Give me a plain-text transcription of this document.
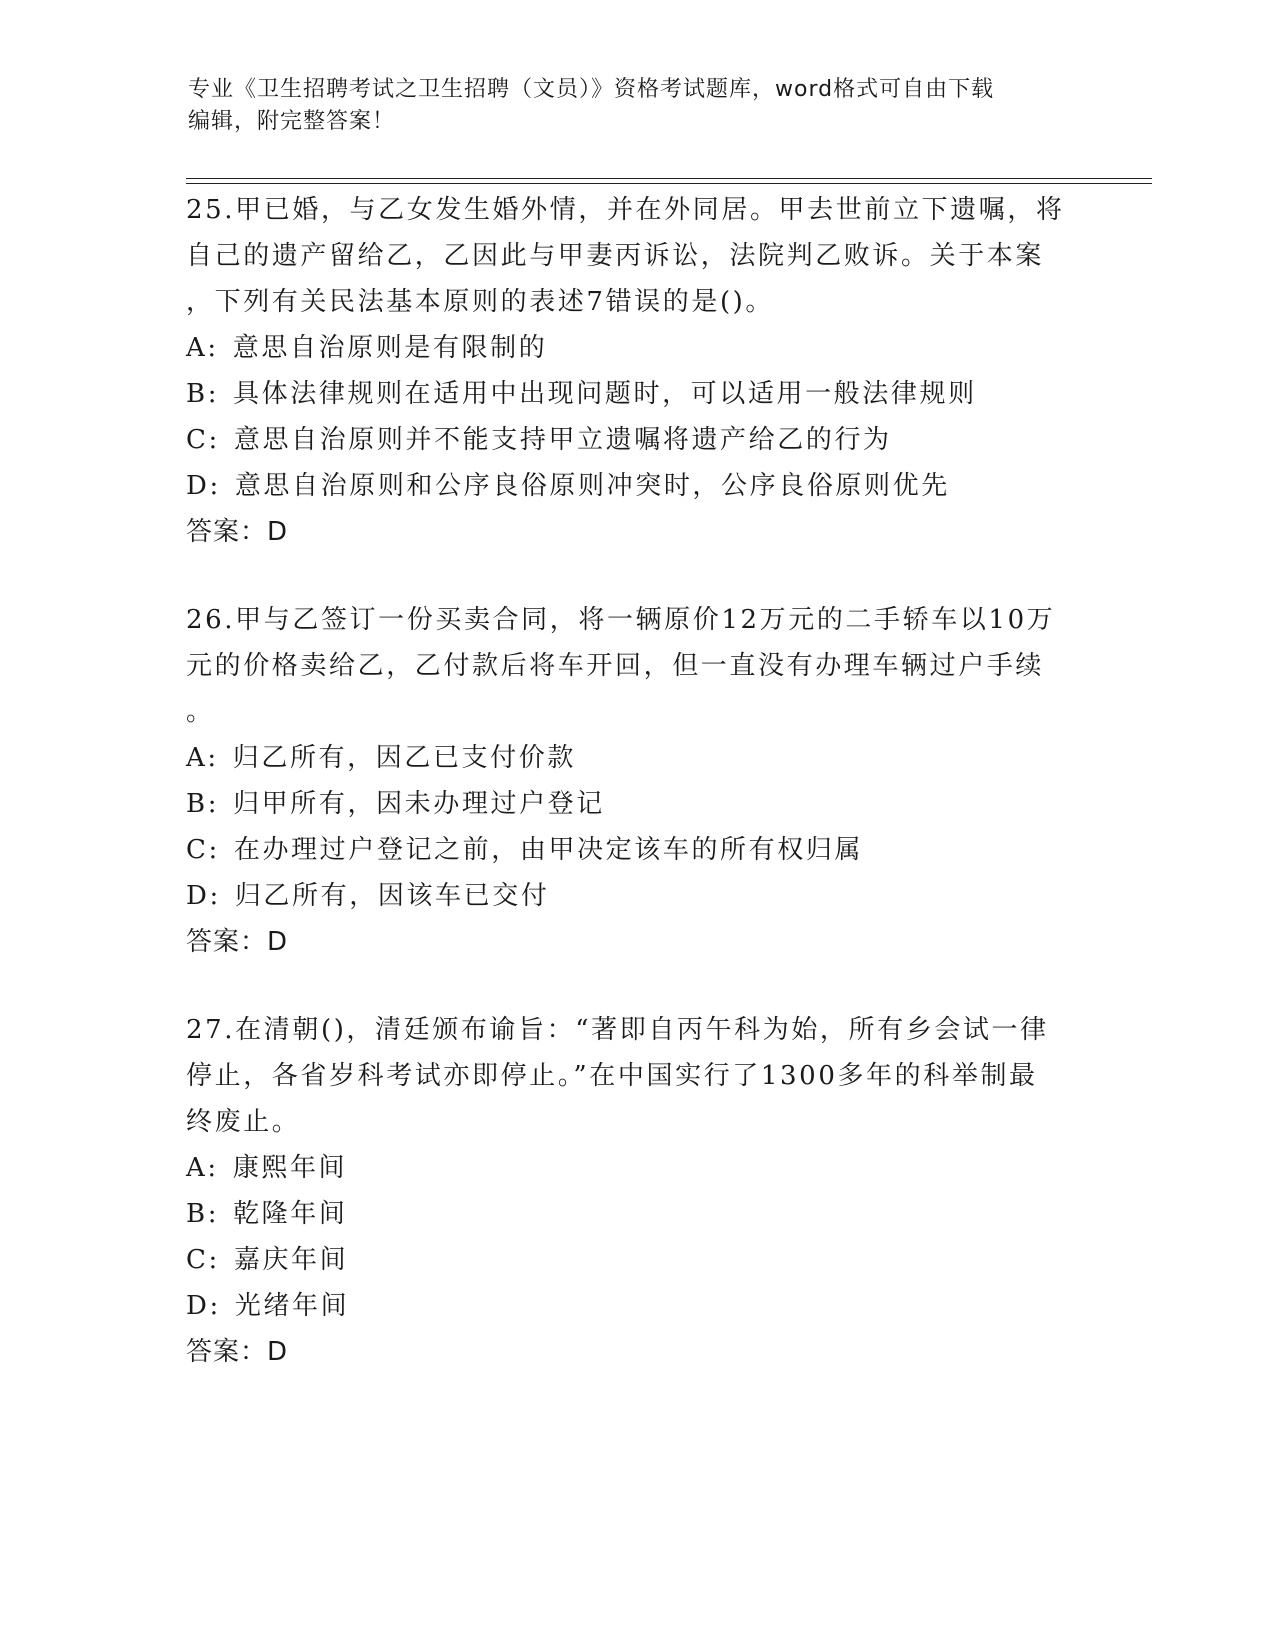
专业《卫生招聘考试之卫生招聘（文员）》资格考试题库，word格式可自由下载
编辑，附完整答案！
25.甲已婚，与乙女发生婚外情，并在外同居。甲去世前立下遗嘱，将
自己的遗产留给乙，乙因此与甲妻丙诉讼，法院判乙败诉。关于本案
，下列有关民法基本原则的表述7错误的是()。
A: 意思自治原则是有限制的
B: 具体法律规则在适用中出现问题时，可以适用一般法律规则
C: 意思自治原则并不能支持甲立遗嘱将遗产给乙的行为
D: 意思自治原则和公序良俗原则冲突时，公序良俗原则优先
答案：D
26.甲与乙签订一份买卖合同，将一辆原价12万元的二手轿车以10万
元的价格卖给乙，乙付款后将车开回，但一直没有办理车辆过户手续
。
A: 归乙所有，因乙已支付价款
B: 归甲所有，因未办理过户登记
C: 在办理过户登记之前，由甲决定该车的所有权归属
D: 归乙所有，因该车已交付
答案：D
27.在清朝()，清廷颁布谕旨：“著即自丙午科为始，所有乡会试一律
停止，各省岁科考试亦即停止。”在中国实行了1300多年的科举制最
终废止。
A: 康熙年间
B: 乾隆年间
C: 嘉庆年间
D: 光绪年间
答案：D
